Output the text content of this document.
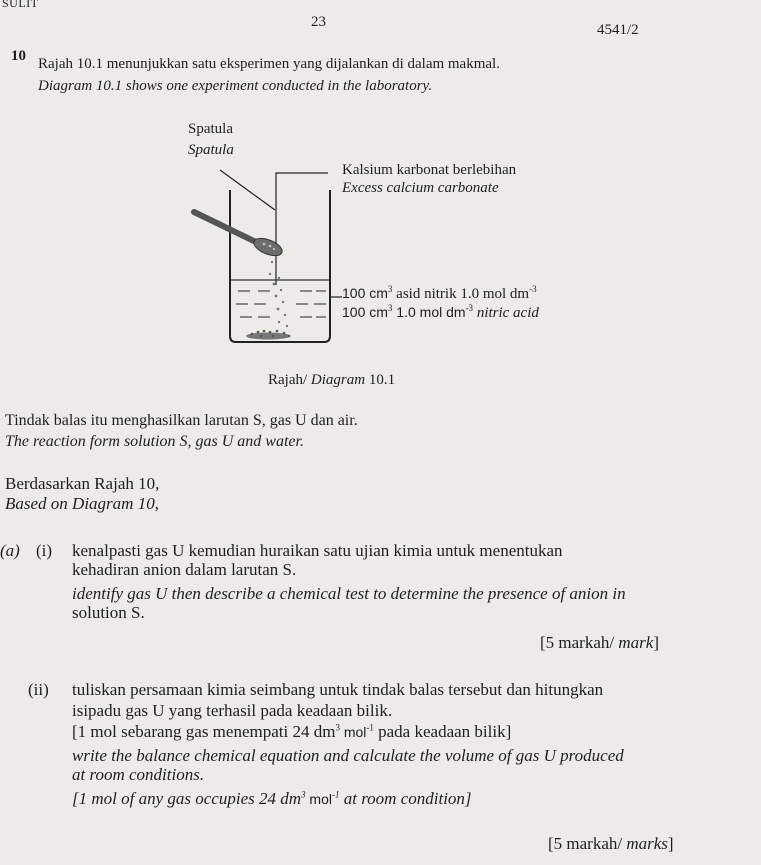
SULIT
23	4541/2
10 Rajah 10.1 menunjukkan satu eksperimen yang dijalankan di dalam makmal.
Diagram 10.1 shows one experiment conducted in the laboratory.
Spatula
Spatula
Kalsium karbonat berlebihan
Excess calcium carbonate
100 $cm^3$ asid nitrik 1.0 mol $dm^{-3}$
100 $cm^3$ 1.0 mol $dm^{-3}$ nitric acid
Rajah/ Diagram 10.1
Tindak balas itu menghasilkan larutan S, gas U dan air.
The reaction form solution S, gas U and water.
Berdasarkan Rajah 10,
Based on Diagram 10,
(a) (i) kenalpasti gas U kemudian huraikan satu ujian kimia untuk menentukan
kehadiran anion dalam larutan S.
identify gas U then describe a chemical test to determine the presence of anion in
solution S.
[5 markah/ mark]
(ii) tuliskan persamaan kimia seimbang untuk tindak balas tersebut dan hitungkan
isipadu gas U yang terhasil pada keadaan bilik.
[1 mol sebarang gas menempati 24 $dm^3$ mol$^{-1}$ pada keadaan bilik]
write the balance chemical equation and calculate the volume of gas U produced
at room conditions.
[1 mol of any gas occupies 24 $dm^3$ mol$^{-1}$ at room condition]
[5 markah/ marks]
